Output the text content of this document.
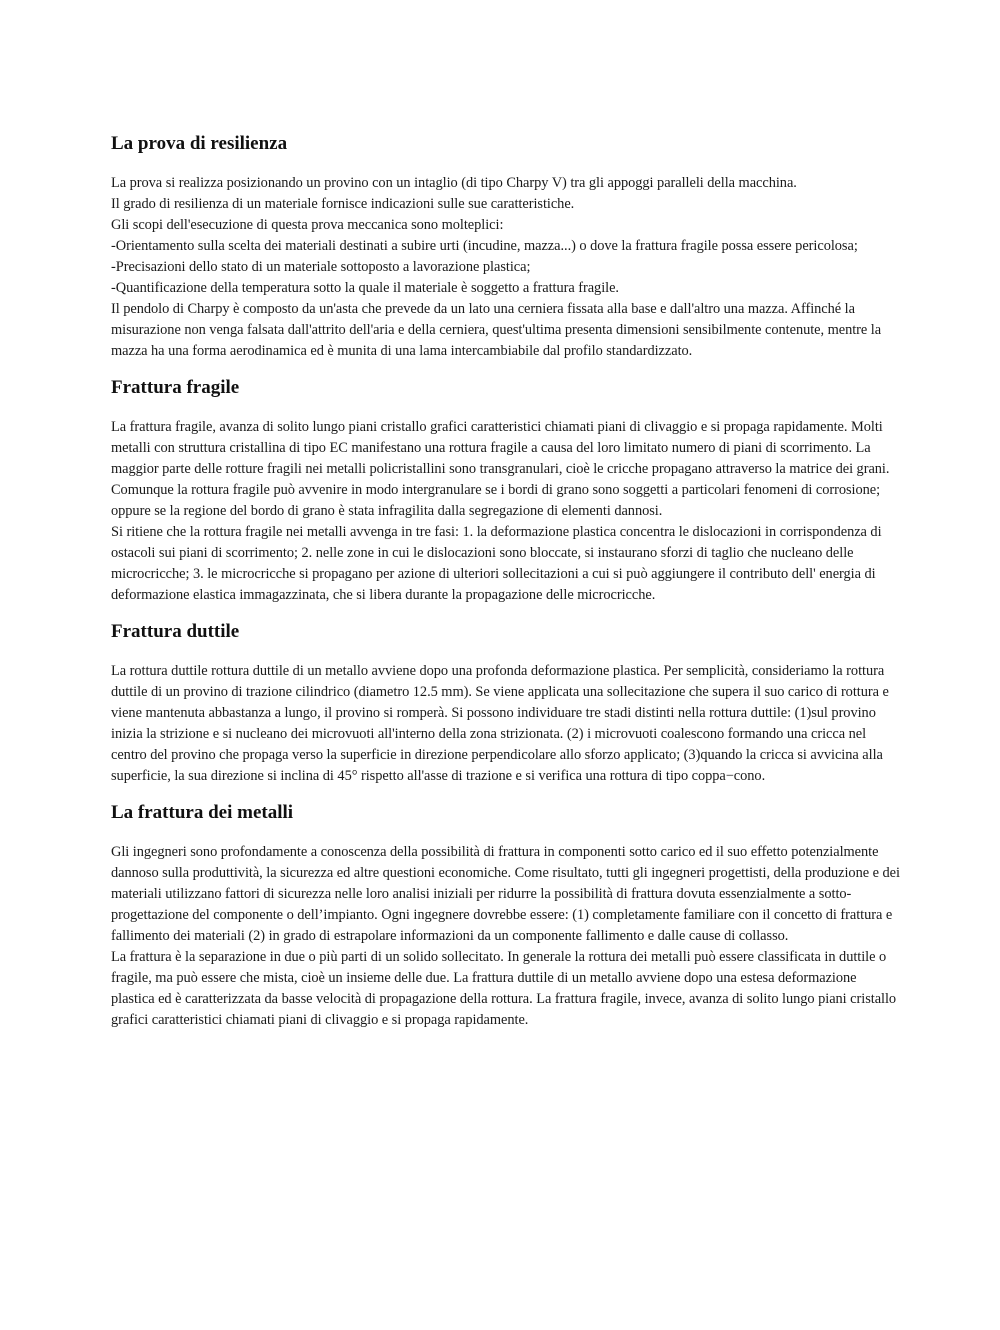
La prova di resilienza

La prova si realizza posizionando un provino con un intaglio (di tipo Charpy V) tra gli appoggi paralleli della macchina.

Il grado di resilienza di un materiale fornisce indicazioni sulle sue caratteristiche.

Gli scopi dell'esecuzione di questa prova meccanica sono molteplici:

-Orientamento sulla scelta dei materiali destinati a subire urti (incudine, mazza...) o dove la frattura fragile possa essere pericolosa;

-Precisazioni dello stato di un materiale sottoposto a lavorazione plastica;

-Quantificazione della temperatura sotto la quale il materiale è soggetto a frattura fragile.

Il pendolo di Charpy è composto da un'asta che prevede da un lato una cerniera fissata alla base e dall'altro una mazza. Affinché la misurazione non venga falsata dall'attrito dell'aria e della cerniera, quest'ultima presenta dimensioni sensibilmente contenute, mentre la mazza ha una forma aerodinamica ed è munita di una lama intercambiabile dal profilo standardizzato.

Frattura fragile

La frattura fragile, avanza di solito lungo piani cristallo grafici caratteristici chiamati piani di clivaggio e si propaga rapidamente. Molti metalli con struttura cristallina di tipo EC manifestano una rottura fragile a causa del loro limitato numero di piani di scorrimento. La maggior parte delle rotture fragili nei metalli policristallini sono transgranulari, cioè le cricche propagano attraverso la matrice dei grani. Comunque la rottura fragile può avvenire in modo intergranulare se i bordi di grano sono soggetti a particolari fenomeni di corrosione; oppure se la regione del bordo di grano è stata infragilita dalla segregazione di elementi dannosi.

Si ritiene che la rottura fragile nei metalli avvenga in tre fasi: 1. la deformazione plastica concentra le dislocazioni in corrispondenza di ostacoli sui piani di scorrimento; 2. nelle zone in cui le dislocazioni sono bloccate, si instaurano sforzi di taglio che nucleano delle microcricche; 3. le microcricche si propagano per azione di ulteriori sollecitazioni a cui si può aggiungere il contributo dell' energia di deformazione elastica immagazzinata, che si libera durante la propagazione delle microcricche.

Frattura duttile

La rottura duttile rottura duttile di un metallo avviene dopo una profonda deformazione plastica. Per semplicità, consideriamo la rottura duttile di un provino di trazione cilindrico (diametro 12.5 mm). Se viene applicata una sollecitazione che supera il suo carico di rottura e viene mantenuta abbastanza a lungo, il provino si romperà. Si possono individuare tre stadi distinti nella rottura duttile: (1)sul provino inizia la strizione e si nucleano dei microvuoti all'interno della zona strizionata. (2) i microvuoti coalescono formando una cricca nel centro del provino che propaga verso la superficie in direzione perpendicolare allo sforzo applicato; (3)quando la cricca si avvicina alla superficie, la sua direzione si inclina di 45° rispetto all'asse di trazione e si verifica una rottura di tipo coppa−cono.

La frattura dei metalli

Gli ingegneri sono profondamente a conoscenza della possibilità di frattura in componenti sotto carico ed il suo effetto potenzialmente dannoso sulla produttività, la sicurezza ed altre questioni economiche. Come risultato, tutti gli ingegneri progettisti, della produzione e dei materiali utilizzano fattori di sicurezza nelle loro analisi iniziali per ridurre la possibilità di frattura dovuta essenzialmente a sotto-progettazione del componente o dell’impianto. Ogni ingegnere dovrebbe essere: (1) completamente familiare con il concetto di frattura e fallimento dei materiali (2) in grado di estrapolare informazioni da un componente fallimento e dalle cause di collasso.

La frattura è la separazione in due o più parti di un solido sollecitato. In generale la rottura dei metalli può essere classificata in duttile o fragile, ma può essere che mista, cioè un insieme delle due. La frattura duttile di un metallo avviene dopo una estesa deformazione plastica ed è caratterizzata da basse velocità di propagazione della rottura. La frattura fragile, invece, avanza di solito lungo piani cristallo grafici caratteristici chiamati piani di clivaggio e si propaga rapidamente.
